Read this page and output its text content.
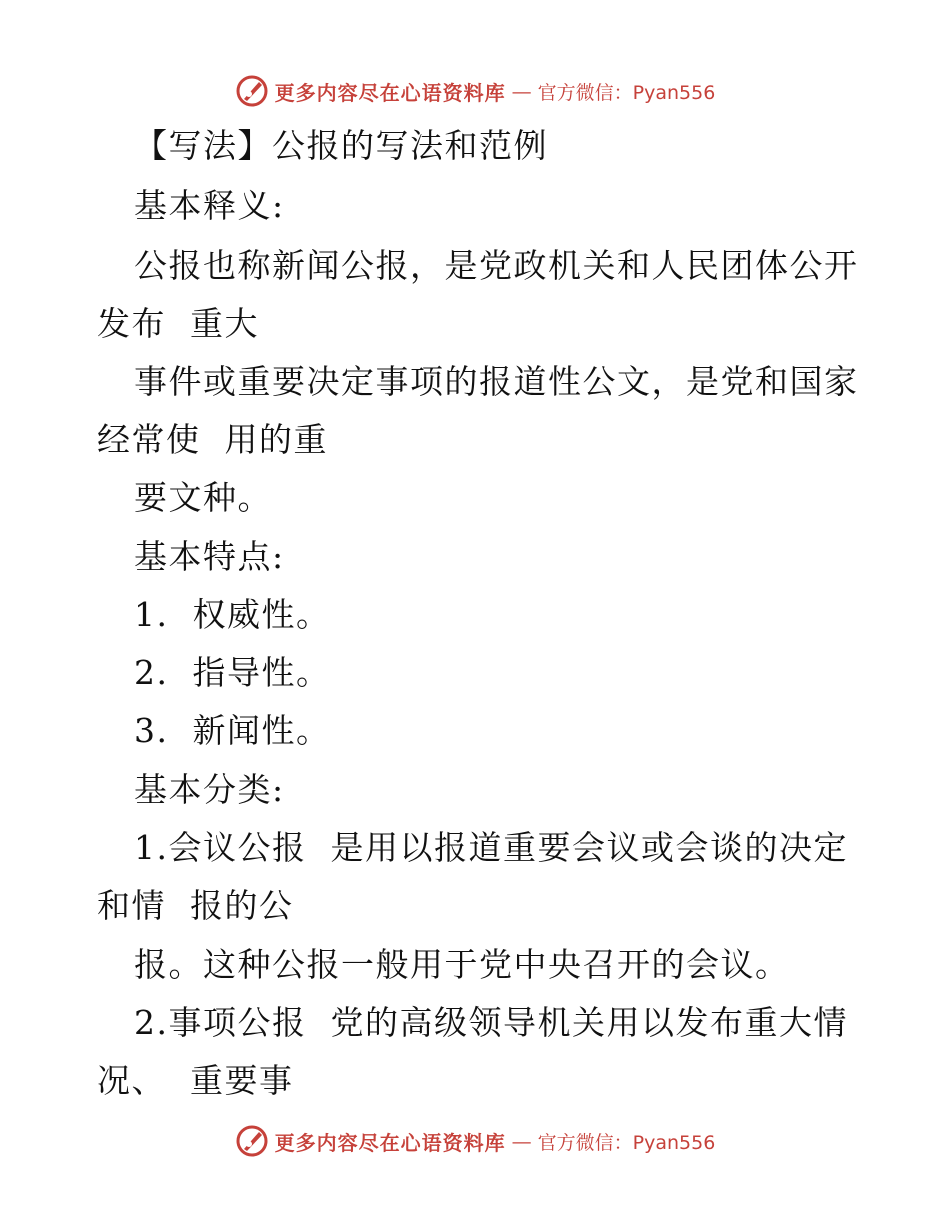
更多内容尽在心语资料库 — 官方微信：Pyan556
【写法】公报的写法和范例
基本释义:
公报也称新闻公报，是党政机关和人民团体公开
发布  重大
事件或重要决定事项的报道性公文，是党和国家
经常使  用的重
要文种。
基本特点:
1.  权威性。
2.  指导性。
3.  新闻性。
基本分类:
1.会议公报  是用以报道重要会议或会谈的决定
和情  报的公
报。这种公报一般用于党中央召开的会议。
2.事项公报  党的高级领导机关用以发布重大情
况、  重要事
更多内容尽在心语资料库 — 官方微信：Pyan556
